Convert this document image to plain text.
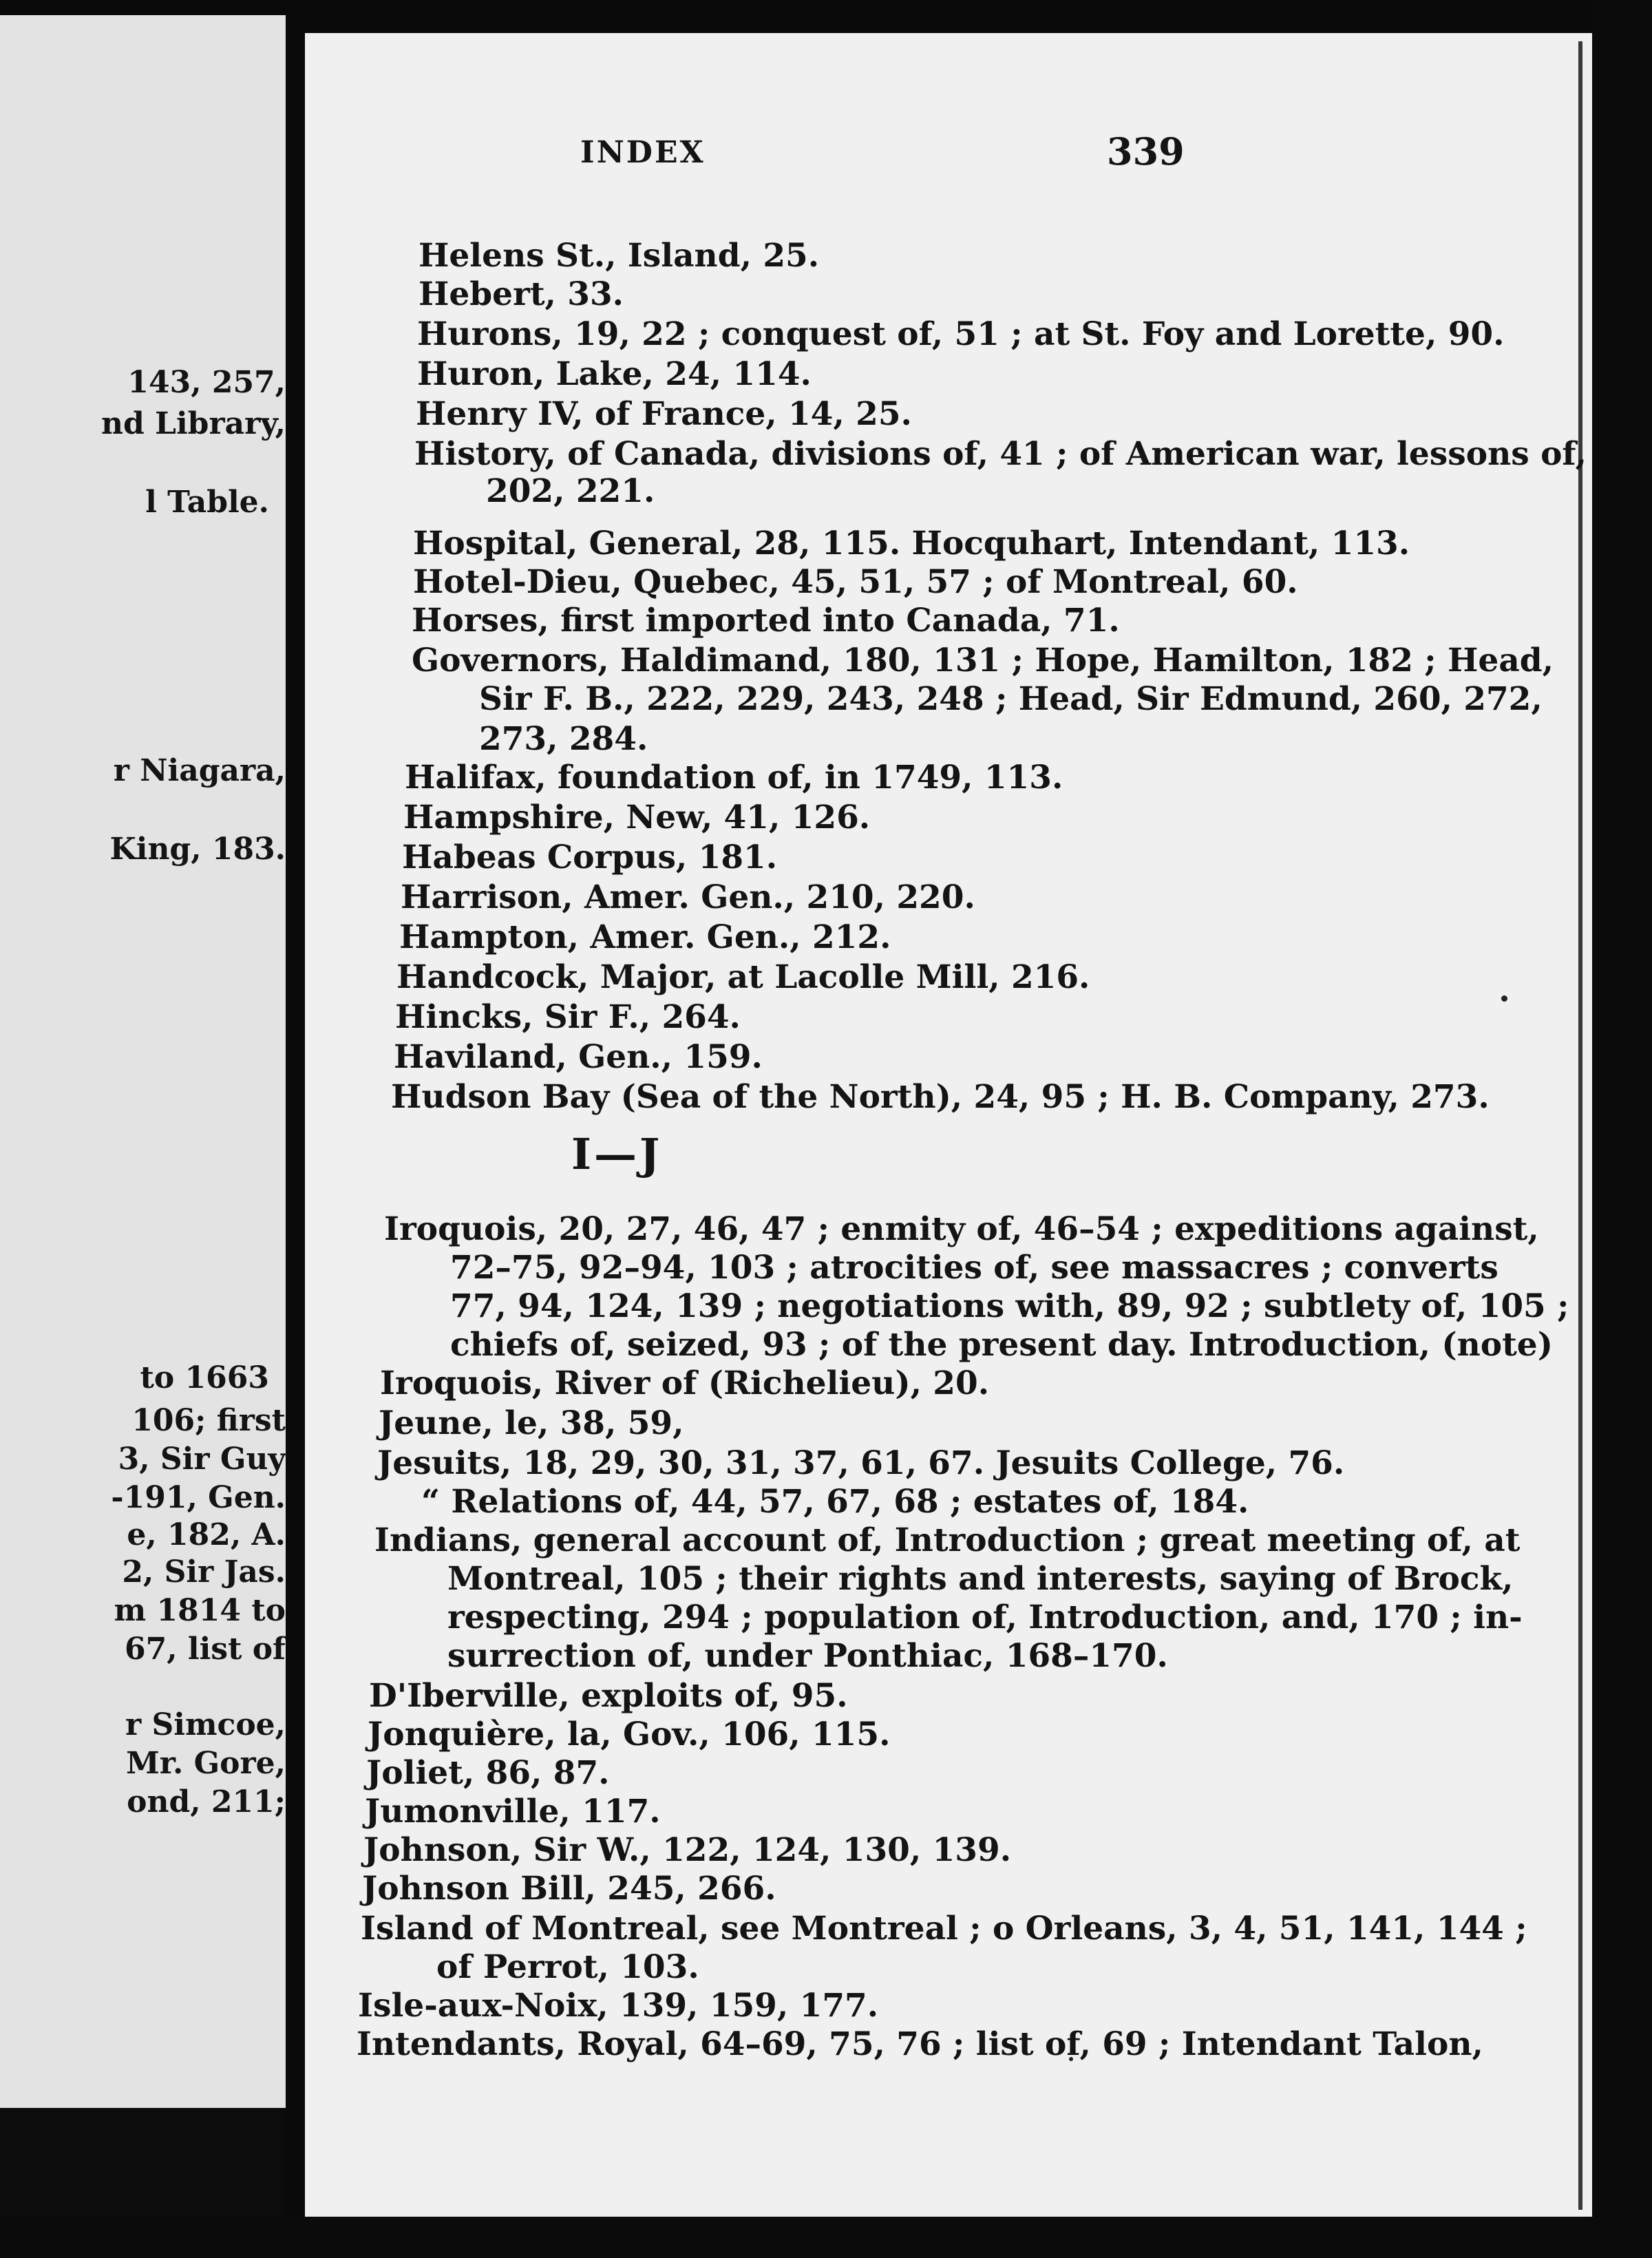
143, 257,
nd Library,
l Table.
r Niagara,
King, 183.
to 1663
106; first
3, Sir Guy
-191, Gen.
e, 182, A.
2, Sir Jas.
m 1814 to
67, list of
r Simcoe,
Mr. Gore,
ond, 211;
INDEX	339
Helens St., Island, 25.
Hebert, 33.
Hurons, 19, 22 ; conquest of, 51 ; at St. Foy and Lorette, 90.
Huron, Lake, 24, 114.
Henry IV, of France, 14, 25.
History, of Canada, divisions of, 41 ; of American war, lessons of,
202, 221.
Hospital, General, 28, 115. Hocquhart, Intendant, 113.
Hotel-Dieu, Quebec, 45, 51, 57 ; of Montreal, 60.
Horses, first imported into Canada, 71.
Governors, Haldimand, 180, 131 ; Hope, Hamilton, 182 ; Head,
Sir F. B., 222, 229, 243, 248 ; Head, Sir Edmund, 260, 272,
273, 284.
Halifax, foundation of, in 1749, 113.
Hampshire, New, 41, 126.
Habeas Corpus, 181.
Harrison, Amer. Gen., 210, 220.
Hampton, Amer. Gen., 212.
Handcock, Major, at Lacolle Mill, 216.
Hincks, Sir F., 264.
Haviland, Gen., 159.
Hudson Bay (Sea of the North), 24, 95 ; H. B. Company, 273.
I—J
Iroquois, 20, 27, 46, 47 ; enmity of, 46–54 ; expeditions against,
72–75, 92–94, 103 ; atrocities of, see massacres ; converts
77, 94, 124, 139 ; negotiations with, 89, 92 ; subtlety of, 105 ;
chiefs of, seized, 93 ; of the present day. Introduction, (note)
Iroquois, River of (Richelieu), 20.
Jeune, le, 38, 59,
Jesuits, 18, 29, 30, 31, 37, 61, 67. Jesuits College, 76.
“ Relations of, 44, 57, 67, 68 ; estates of, 184.
Indians, general account of, Introduction ; great meeting of, at
Montreal, 105 ; their rights and interests, saying of Brock,
respecting, 294 ; population of, Introduction, and, 170 ; in-
surrection of, under Ponthiac, 168–170.
D'Iberville, exploits of, 95.
Jonquière, la, Gov., 106, 115.
Joliet, 86, 87.
Jumonville, 117.
Johnson, Sir W., 122, 124, 130, 139.
Johnson Bill, 245, 266.
Island of Montreal, see Montreal ; o Orleans, 3, 4, 51, 141, 144 ;
of Perrot, 103.
Isle-aux-Noix, 139, 159, 177.
Intendants, Royal, 64–69, 75, 76 ; list of, 69 ; Intendant Talon,
